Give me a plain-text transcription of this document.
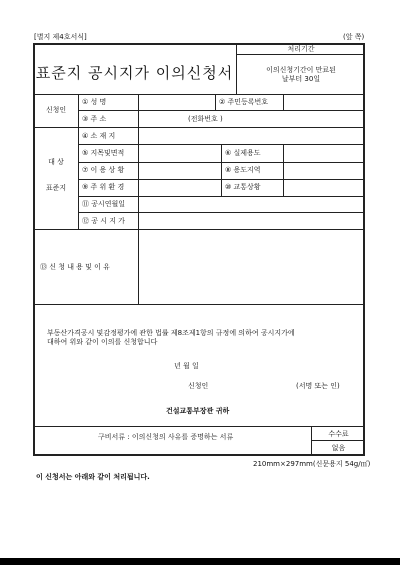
[별지 제4호서식]	(앞 쪽)
표준지 공시지가 이의신청서
처리기간
이의신청기간이 만료된
날부터 30일
신청인
① 성 명	② 주민등록번호
③ 주 소	(전화번호 )
대 상
표준지
④ 소 재 지
⑤ 지목및면적	⑥ 실제용도
⑦ 이 용 상 황	⑧ 용도지역
⑨ 주 위 환 경	⑩ 교통상황
⑪ 공시연월일
⑫ 공 시 지 가
⑬ 신 청 내 용 및 이 유
부동산가격공시 및감정평가에 관한 법률 제8조제1항의 규정에 의하여 공시지가에
대하여 위와 같이 이의를 신청합니다
년 월 일
신청인	(서명 또는 인)
건설교통부장관 귀하
구비서류 : 이의신청의 사유를 증명하는 서류	수수료
없음
210mm×297mm(신문용지 54g/㎡)
이 신청서는 아래와 같이 처리됩니다.
